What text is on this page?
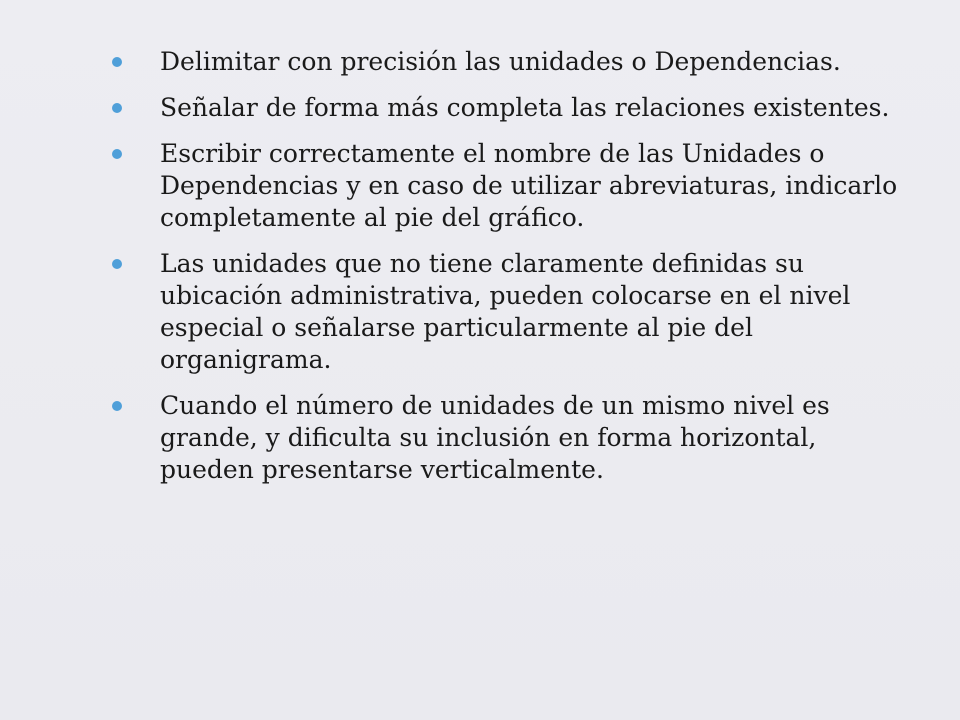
Delimitar con precisión las unidades o Dependencias.
Señalar de forma más completa las relaciones existentes.
Escribir correctamente el nombre de las Unidades o Dependencias y en caso de utilizar abreviaturas, indicarlo completamente al pie del gráfico.
Las unidades que no tiene claramente definidas su ubicación administrativa, pueden colocarse en el nivel especial o señalarse particularmente al pie del organigrama.
Cuando el número de unidades de un mismo nivel es grande, y dificulta su inclusión en forma horizontal, pueden presentarse verticalmente.
